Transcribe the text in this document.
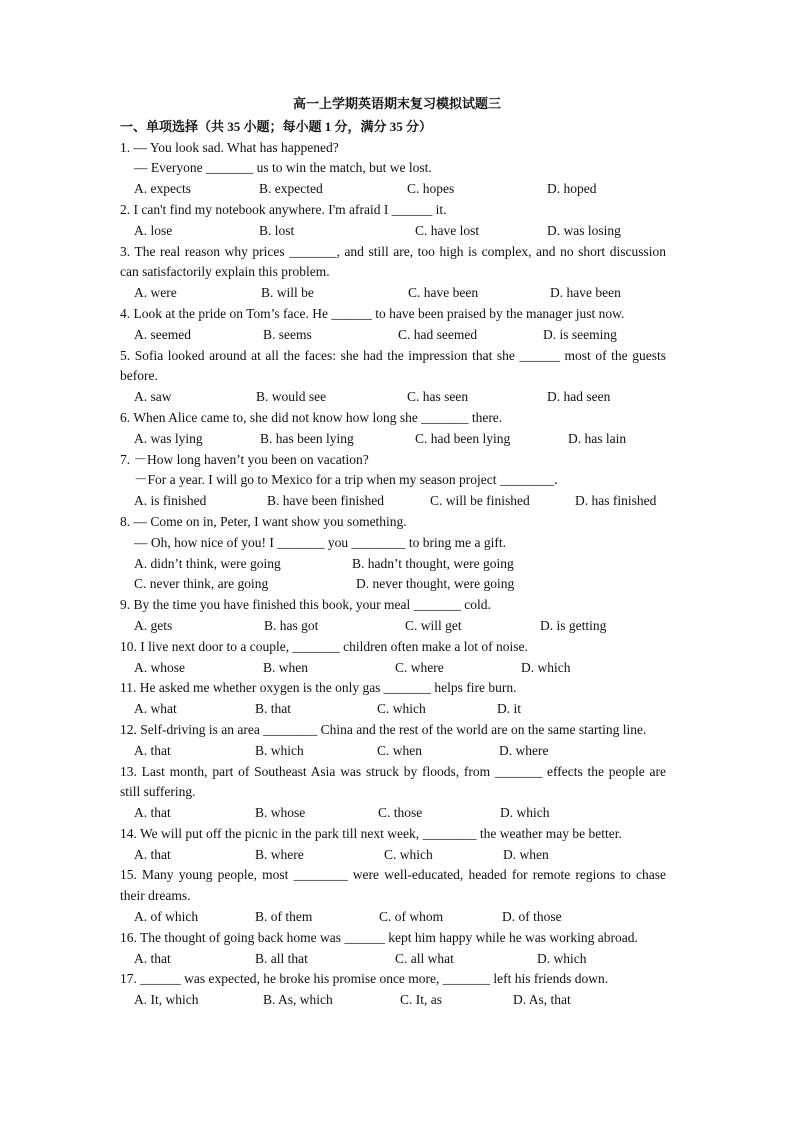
高一上学期英语期末复习模拟试题三
一、单项选择（共 35 小题；每小题 1 分，满分 35 分）
1. — You look sad. What has happened?
— Everyone _______ us to win the match, but we lost.
A. expects	B. expected	C. hopes	D. hoped
2. I can't find my notebook anywhere. I'm afraid I ______ it.
A. lose	B. lost	C. have lost	D. was losing
3. The real reason why prices _______, and still are, too high is complex, and no short discussion
can satisfactorily explain this problem.
A. were	B. will be	C. have been	D. have been
4. Look at the pride on Tom’s face. He ______ to have been praised by the manager just now.
A. seemed	B. seems	C. had seemed	D. is seeming
5. Sofia looked around at all the faces: she had the impression that she ______ most of the guests
before.
A. saw	B. would see	C. has seen	D. had seen
6. When Alice came to, she did not know how long she _______ there.
A. was lying	B. has been lying	C. had been lying	D. has lain
7. －How long haven’t you been on vacation?
－For a year. I will go to Mexico for a trip when my season project ________．
A. is finished	B. have been finished	C. will be finished	D. has finished
8. — Come on in, Peter, I want show you something.
— Oh, how nice of you! I _______ you ________ to bring me a gift.
A. didn’t think, were going	B. hadn’t thought, were going
C. never think, are going	D. never thought, were going
9. By the time you have finished this book, your meal _______ cold.
A. gets	B. has got	C. will get	D. is getting
10. I live next door to a couple, _______ children often make a lot of noise.
A. whose	B. when	C. where	D. which
11. He asked me whether oxygen is the only gas _______ helps fire burn.
A. what	B. that	C. which	D. it
12. Self-driving is an area ________ China and the rest of the world are on the same starting line.
A. that	B. which	C. when	D. where
13. Last month, part of Southeast Asia was struck by floods, from _______ effects the people are
still suffering.
A. that	B. whose	C. those	D. which
14. We will put off the picnic in the park till next week, ________ the weather may be better.
A. that	B. where	C. which	D. when
15. Many young people, most ________ were well-educated, headed for remote regions to chase
their dreams.
A. of which	B. of them	C. of whom	D. of those
16. The thought of going back home was ______ kept him happy while he was working abroad.
A. that	B. all that	C. all what	D. which
17. ______ was expected, he broke his promise once more, _______ left his friends down.
A. It, which	B. As, which	C. It, as	D. As, that
